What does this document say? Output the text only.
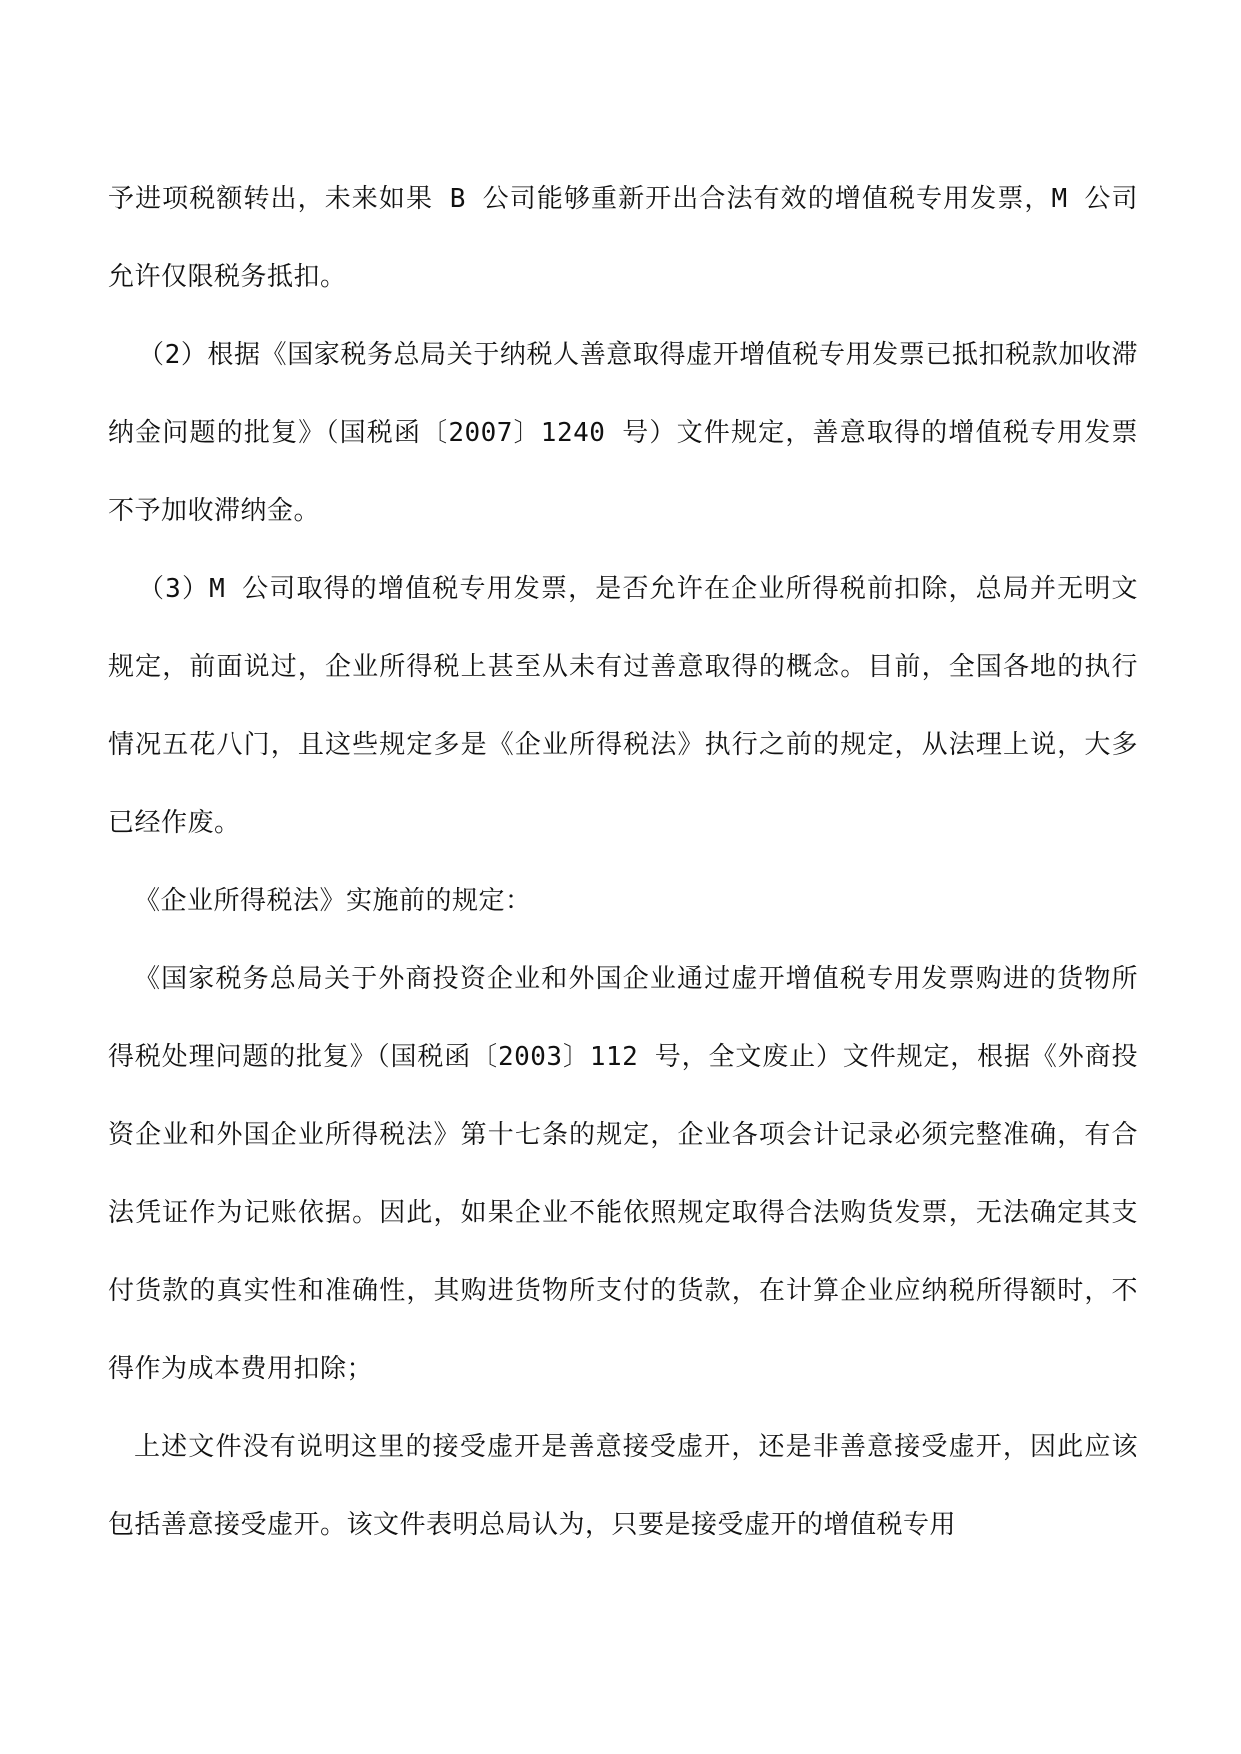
予进项税额转出，未来如果 B 公司能够重新开出合法有效的增值税专用发票，M 公司允许仅限税务抵扣。

（2）根据《国家税务总局关于纳税人善意取得虚开增值税专用发票已抵扣税款加收滞纳金问题的批复》（国税函〔2007〕1240 号）文件规定，善意取得的增值税专用发票不予加收滞纳金。

（3）M 公司取得的增值税专用发票，是否允许在企业所得税前扣除，总局并无明文规定，前面说过，企业所得税上甚至从未有过善意取得的概念。目前，全国各地的执行情况五花八门，且这些规定多是《企业所得税法》执行之前的规定，从法理上说，大多已经作废。

《企业所得税法》实施前的规定：

《国家税务总局关于外商投资企业和外国企业通过虚开增值税专用发票购进的货物所得税处理问题的批复》（国税函〔2003〕112 号，全文废止）文件规定，根据《外商投资企业和外国企业所得税法》第十七条的规定，企业各项会计记录必须完整准确，有合法凭证作为记账依据。因此，如果企业不能依照规定取得合法购货发票，无法确定其支付货款的真实性和准确性，其购进货物所支付的货款，在计算企业应纳税所得额时，不得作为成本费用扣除；

上述文件没有说明这里的接受虚开是善意接受虚开，还是非善意接受虚开，因此应该包括善意接受虚开。该文件表明总局认为，只要是接受虚开的增值税专用
